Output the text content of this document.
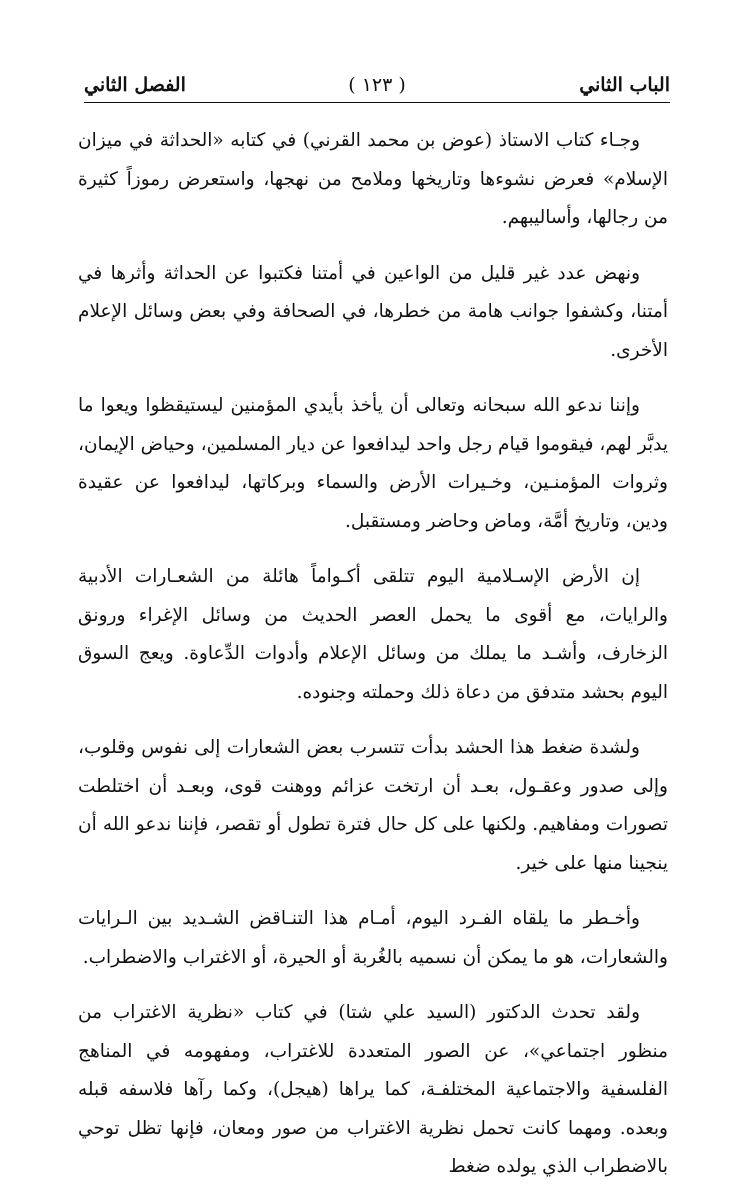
الباب الثاني
( ١٢٣ )
الفصل الثاني

وجـاء كتاب الاستاذ (عوض بن محمد القرني) في كتابه «الحداثة في ميزان الإسلام» فعرض نشوءها وتاريخها وملامح من نهجها، واستعرض رموزاً كثيرة من رجالها، وأساليبهم.

ونهض عدد غير قليل من الواعين في أمتنا فكتبوا عن الحداثة وأثرها في أمتنا، وكشفوا جوانب هامة من خطرها، في الصحافة وفي بعض وسائل الإعلام الأخرى.

وإننا ندعو الله سبحانه وتعالى أن يأخذ بأيدي المؤمنين ليستيقظوا ويعوا ما يدبَّر لهم، فيقوموا قيام رجل واحد ليدافعوا عن ديار المسلمين، وحياض الإيمان، وثروات المؤمنـين، وخـيرات الأرض والسماء وبركاتها، ليدافعوا عن عقيدة ودين، وتاريخ أمَّة، وماض وحاضر ومستقبل.

إن الأرض الإسـلامية اليوم تتلقى أكـواماً هائلة من الشعـارات الأدبية والرايات، مع أقوى ما يحمل العصر الحديث من وسائل الإغراء ورونق الزخارف، وأشـد ما يملك من وسائل الإعلام وأدوات الدِّعاوة. ويعج السوق اليوم بحشد متدفق من دعاة ذلك وحملته وجنوده.

ولشدة ضغط هذا الحشد بدأت تتسرب بعض الشعارات إلى نفوس وقلوب، وإلى صدور وعقـول، بعـد أن ارتخت عزائم ووهنت قوى، وبعـد أن اختلطت تصورات ومفاهيم. ولكنها على كل حال فترة تطول أو تقصر، فإننا ندعو الله أن ينجينا منها على خير.

وأخـطر ما يلقاه الفـرد اليوم، أمـام هذا التنـاقض الشـديد بين الـرايات والشعارات، هو ما يمكن أن نسميه بالغُربة أو الحيرة، أو الاغتراب والاضطراب.

ولقد تحدث الدكتور (السيد علي شتا) في كتاب «نظرية الاغتراب من منظور اجتماعي»، عن الصور المتعددة للاغتراب، ومفهومه في المناهج الفلسفية والاجتماعية المختلفـة، كما يراها (هيجل)، وكما رآها فلاسفه قبله وبعده. ومهما كانت تحمل نظرية الاغتراب من صور ومعان، فإنها تظل توحي بالاضطراب الذي يولده ضغط
